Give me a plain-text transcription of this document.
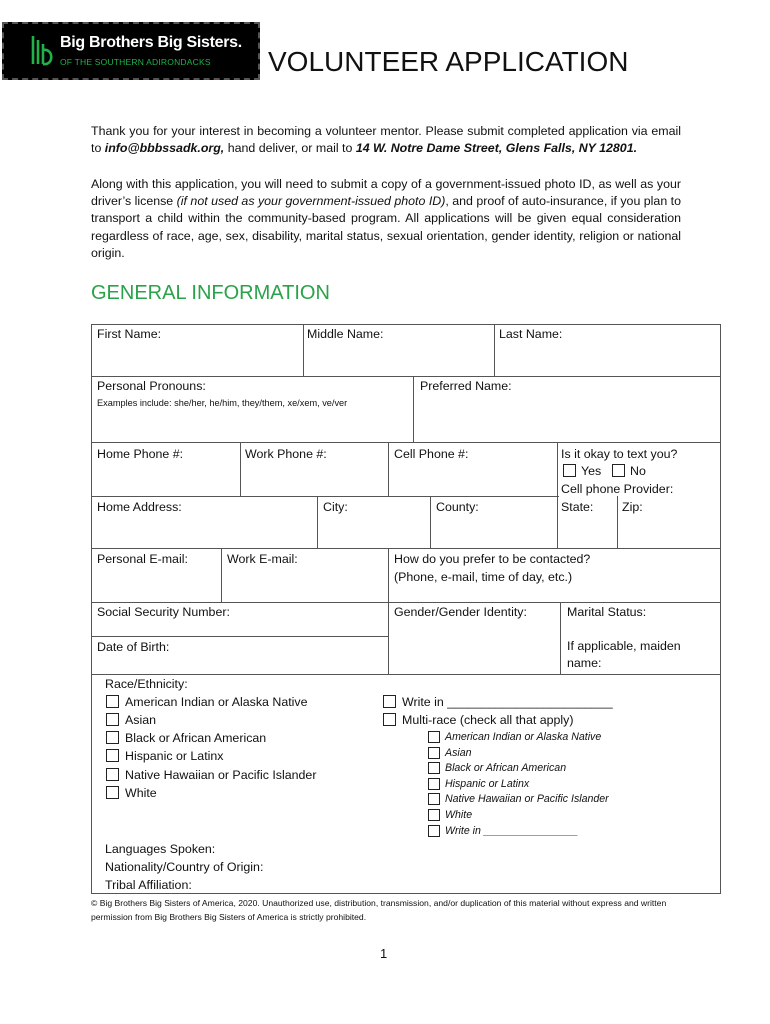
Big Brothers Big Sisters.
OF THE SOUTHERN ADIRONDACKS VOLUNTEER APPLICATION
Thank you for your interest in becoming a volunteer mentor. Please submit completed application via email to info@bbbssadk.org, hand deliver, or mail to 14 W. Notre Dame Street, Glens Falls, NY 12801.
Along with this application, you will need to submit a copy of a government-issued photo ID, as well as your driver’s license (if not used as your government-issued photo ID), and proof of auto-insurance, if you plan to transport a child within the community-based program. All applications will be given equal consideration regardless of race, age, sex, disability, marital status, sexual orientation, gender identity, religion or national origin.
GENERAL INFORMATION
First Name:	Middle Name:	Last Name:
Personal Pronouns:
Examples include: she/her, he/him, they/them, xe/xem, ve/ver
Preferred Name:
Home Phone #:	Work Phone #:	Cell Phone #:	Is it okay to text you?
Yes No
Cell phone Provider:
Home Address:	City:	County:	State: Zip:
Personal E-mail:	Work E-mail:	How do you prefer to be contacted?
(Phone, e-mail, time of day, etc.)
Social Security Number:	Gender/Gender Identity:	Marital Status:
Date of Birth:	If applicable, maiden
name:
Race/Ethnicity:
American Indian or Alaska Native
Asian
Black or African American
Hispanic or Latinx
Native Hawaiian or Pacific Islander
White
Write in ________________________
Multi-race (check all that apply)
American Indian or Alaska Native
Asian
Black or African American
Hispanic or Latinx
Native Hawaiian or Pacific Islander
White
Write in ________________
Languages Spoken:
Nationality/Country of Origin:
Tribal Affiliation:
© Big Brothers Big Sisters of America, 2020. Unauthorized use, distribution, transmission, and/or duplication of this material without express and written permission from Big Brothers Big Sisters of America is strictly prohibited.
1
